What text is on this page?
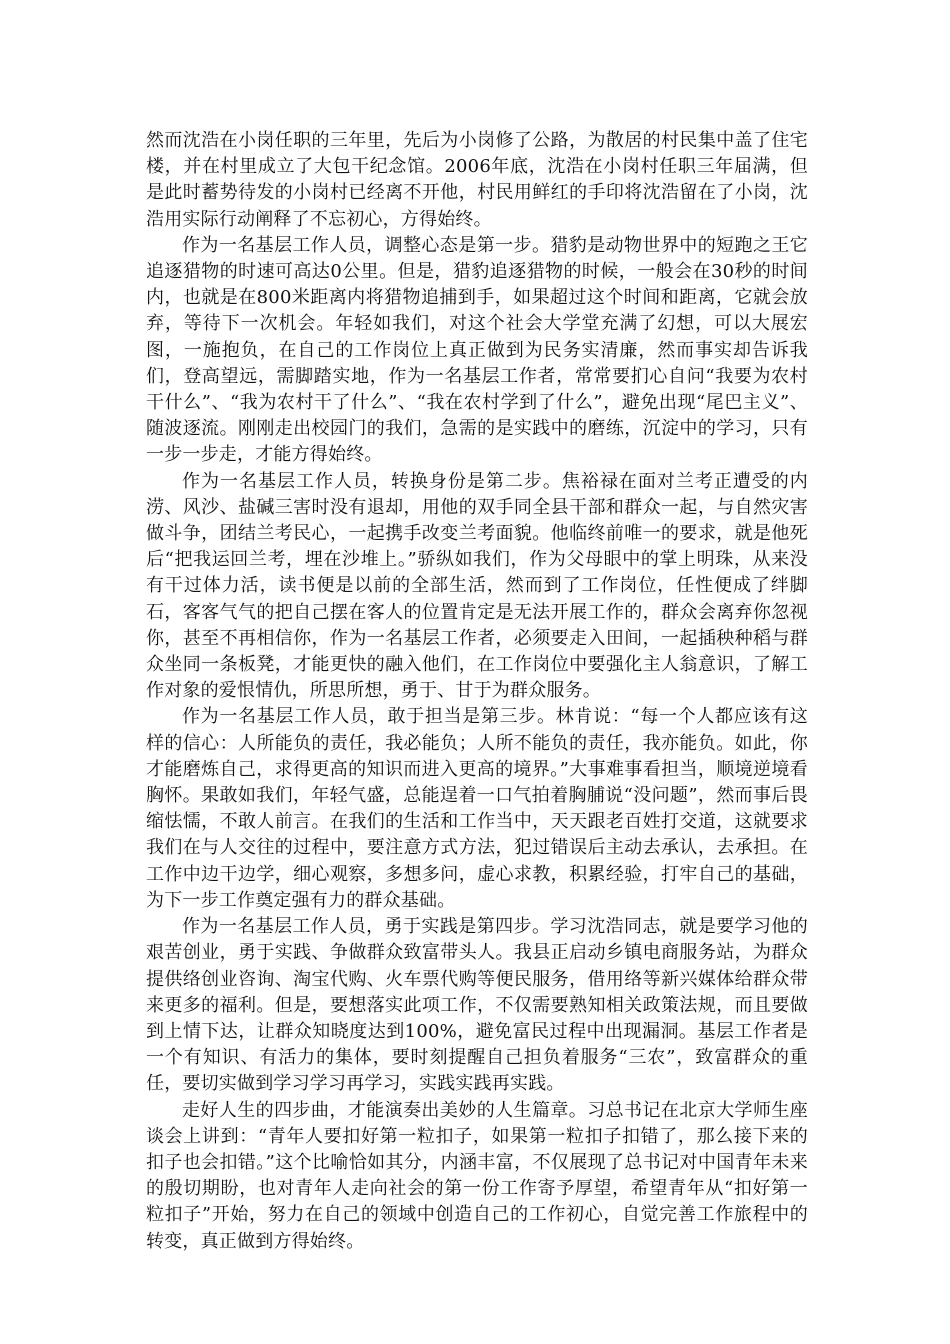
然而沈浩在小岗任职的三年里，先后为小岗修了公路，为散居的村民集中盖了住宅楼，并在村里成立了大包干纪念馆。2006年底，沈浩在小岗村任职三年届满，但是此时蓄势待发的小岗村已经离不开他，村民用鲜红的手印将沈浩留在了小岗，沈浩用实际行动阐释了不忘初心，方得始终。

作为一名基层工作人员，调整心态是第一步。猎豹是动物世界中的短跑之王它追逐猎物的时速可高达0公里。但是，猎豹追逐猎物的时候，一般会在30秒的时间内，也就是在800米距离内将猎物追捕到手，如果超过这个时间和距离，它就会放弃，等待下一次机会。年轻如我们，对这个社会大学堂充满了幻想，可以大展宏图，一施抱负，在自己的工作岗位上真正做到为民务实清廉，然而事实却告诉我们，登高望远，需脚踏实地，作为一名基层工作者，常常要扪心自问“我要为农村干什么”、“我为农村干了什么”、“我在农村学到了什么”，避免出现“尾巴主义”、随波逐流。刚刚走出校园门的我们，急需的是实践中的磨练，沉淀中的学习，只有一步一步走，才能方得始终。

作为一名基层工作人员，转换身份是第二步。焦裕禄在面对兰考正遭受的内涝、风沙、盐碱三害时没有退却，用他的双手同全县干部和群众一起，与自然灾害做斗争，团结兰考民心，一起携手改变兰考面貌。他临终前唯一的要求，就是他死后“把我运回兰考，埋在沙堆上。”骄纵如我们，作为父母眼中的掌上明珠，从来没有干过体力活，读书便是以前的全部生活，然而到了工作岗位，任性便成了绊脚石，客客气气的把自己摆在客人的位置肯定是无法开展工作的，群众会离弃你忽视你，甚至不再相信你，作为一名基层工作者，必须要走入田间，一起插秧种稻与群众坐同一条板凳，才能更快的融入他们，在工作岗位中要强化主人翁意识，了解工作对象的爱恨情仇，所思所想，勇于、甘于为群众服务。

作为一名基层工作人员，敢于担当是第三步。林肯说：“每一个人都应该有这样的信心：人所能负的责任，我必能负；人所不能负的责任，我亦能负。如此，你才能磨炼自己，求得更高的知识而进入更高的境界。”大事难事看担当，顺境逆境看胸怀。果敢如我们，年轻气盛，总能逞着一口气拍着胸脯说“没问题”，然而事后畏缩怯懦，不敢人前言。在我们的生活和工作当中，天天跟老百姓打交道，这就要求我们在与人交往的过程中，要注意方式方法，犯过错误后主动去承认，去承担。在工作中边干边学，细心观察，多想多问，虚心求教，积累经验，打牢自己的基础，为下一步工作奠定强有力的群众基础。

作为一名基层工作人员，勇于实践是第四步。学习沈浩同志，就是要学习他的艰苦创业，勇于实践、争做群众致富带头人。我县正启动乡镇电商服务站，为群众提供络创业咨询、淘宝代购、火车票代购等便民服务，借用络等新兴媒体给群众带来更多的福利。但是，要想落实此项工作，不仅需要熟知相关政策法规，而且要做到上情下达，让群众知晓度达到100%，避免富民过程中出现漏洞。基层工作者是一个有知识、有活力的集体，要时刻提醒自己担负着服务“三农”，致富群众的重任，要切实做到学习学习再学习，实践实践再实践。

走好人生的四步曲，才能演奏出美妙的人生篇章。习总书记在北京大学师生座谈会上讲到：“青年人要扣好第一粒扣子，如果第一粒扣子扣错了，那么接下来的扣子也会扣错。”这个比喻恰如其分，内涵丰富，不仅展现了总书记对中国青年未来的殷切期盼，也对青年人走向社会的第一份工作寄予厚望，希望青年从“扣好第一粒扣子”开始，努力在自己的领域中创造自己的工作初心，自觉完善工作旅程中的转变，真正做到方得始终。
